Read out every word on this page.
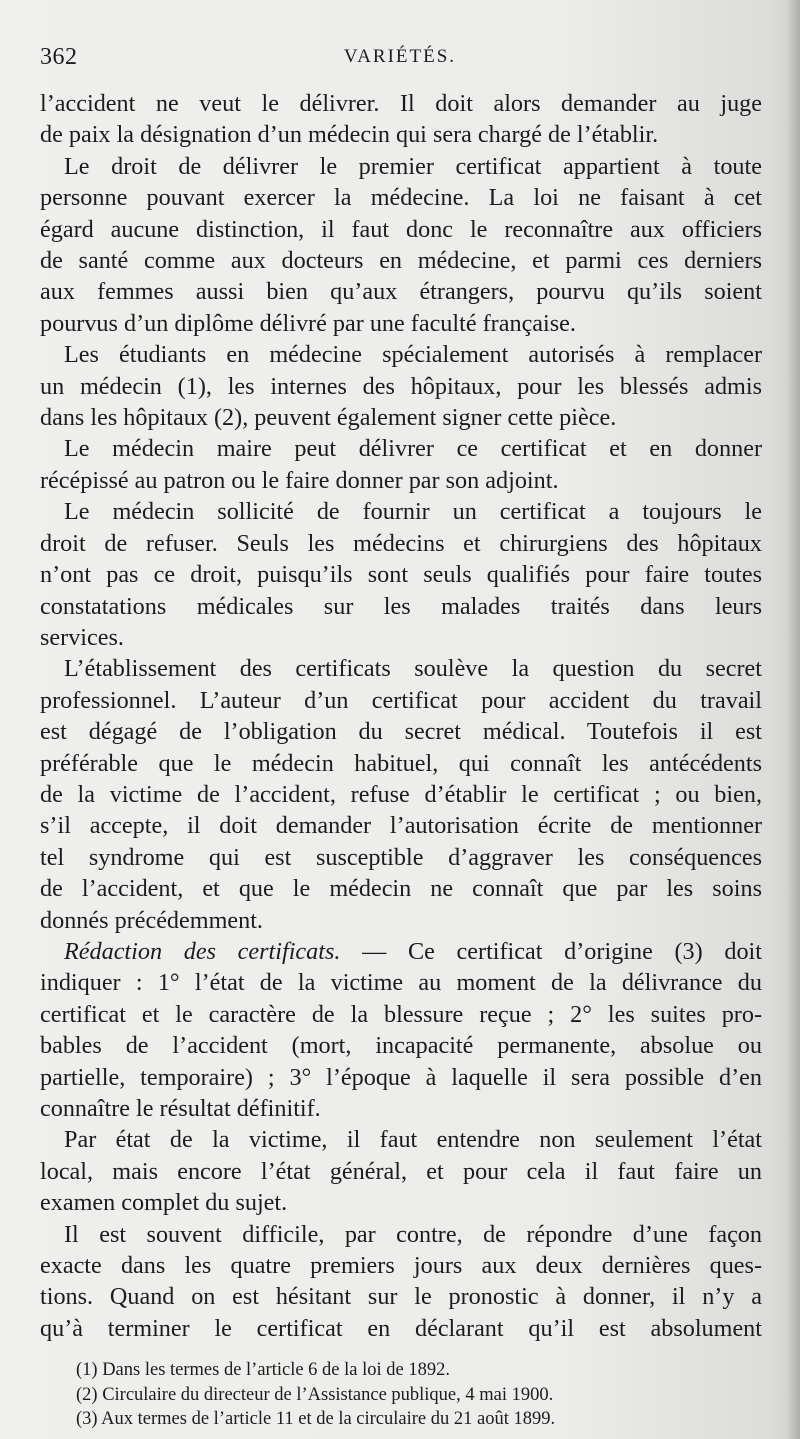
362	VARIÉTÉS.
l’accident ne veut le délivrer. Il doit alors demander au juge
de paix la désignation d’un médecin qui sera chargé de l’établir.
Le droit de délivrer le premier certificat appartient à toute
personne pouvant exercer la médecine. La loi ne faisant à cet
égard aucune distinction, il faut donc le reconnaître aux officiers
de santé comme aux docteurs en médecine, et parmi ces derniers
aux femmes aussi bien qu’aux étrangers, pourvu qu’ils soient
pourvus d’un diplôme délivré par une faculté française.
Les étudiants en médecine spécialement autorisés à remplacer
un médecin (1), les internes des hôpitaux, pour les blessés admis
dans les hôpitaux (2), peuvent également signer cette pièce.
Le médecin maire peut délivrer ce certificat et en donner
récépissé au patron ou le faire donner par son adjoint.
Le médecin sollicité de fournir un certificat a toujours le
droit de refuser. Seuls les médecins et chirurgiens des hôpitaux
n’ont pas ce droit, puisqu’ils sont seuls qualifiés pour faire toutes
constatations médicales sur les malades traités dans leurs
services.
L’établissement des certificats soulève la question du secret
professionnel. L’auteur d’un certificat pour accident du travail
est dégagé de l’obligation du secret médical. Toutefois il est
préférable que le médecin habituel, qui connaît les antécédents
de la victime de l’accident, refuse d’établir le certificat ; ou bien,
s’il accepte, il doit demander l’autorisation écrite de mentionner
tel syndrome qui est susceptible d’aggraver les conséquences
de l’accident, et que le médecin ne connaît que par les soins
donnés précédemment.
Rédaction des certificats. — Ce certificat d’origine (3) doit
indiquer : 1° l’état de la victime au moment de la délivrance du
certificat et le caractère de la blessure reçue ; 2° les suites pro-
bables de l’accident (mort, incapacité permanente, absolue ou
partielle, temporaire) ; 3° l’époque à laquelle il sera possible d’en
connaître le résultat définitif.
Par état de la victime, il faut entendre non seulement l’état
local, mais encore l’état général, et pour cela il faut faire un
examen complet du sujet.
Il est souvent difficile, par contre, de répondre d’une façon
exacte dans les quatre premiers jours aux deux dernières ques-
tions. Quand on est hésitant sur le pronostic à donner, il n’y a
qu’à terminer le certificat en déclarant qu’il est absolument
(1) Dans les termes de l’article 6 de la loi de 1892.
(2) Circulaire du directeur de l’Assistance publique, 4 mai 1900.
(3) Aux termes de l’article 11 et de la circulaire du 21 août 1899.
